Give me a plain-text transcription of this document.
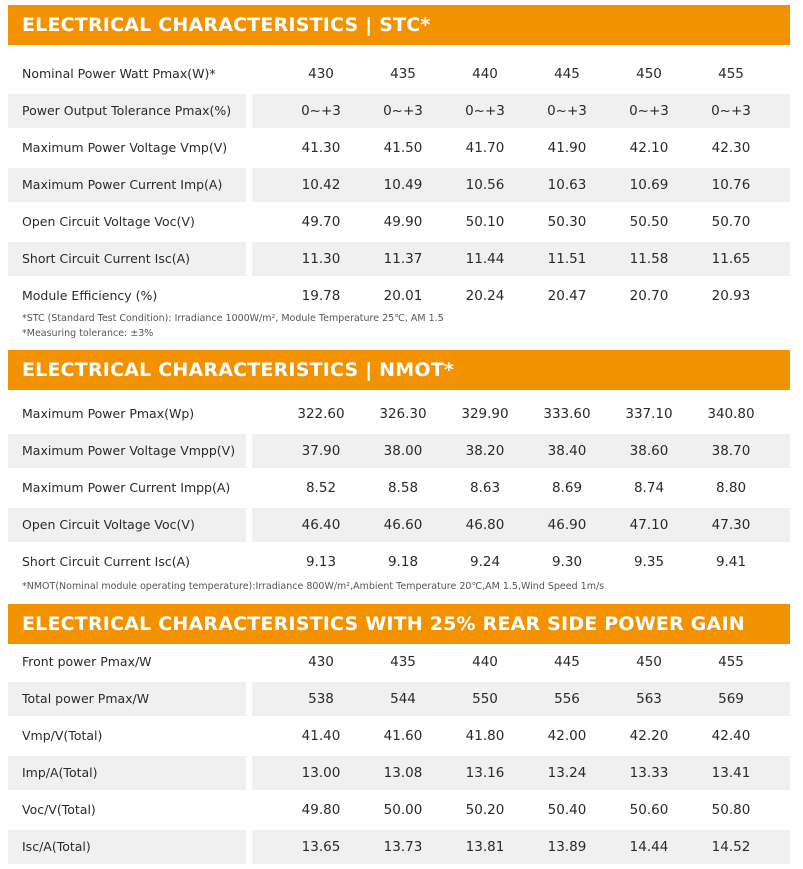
ELECTRICAL CHARACTERISTICS | STC*
Nominal Power Watt Pmax(W)*	430	435	440	445	450	455
Power Output Tolerance Pmax(%)	0~+3	0~+3	0~+3	0~+3	0~+3	0~+3
Maximum Power Voltage Vmp(V)	41.30	41.50	41.70	41.90	42.10	42.30
Maximum Power Current Imp(A)	10.42	10.49	10.56	10.63	10.69	10.76
Open Circuit Voltage Voc(V)	49.70	49.90	50.10	50.30	50.50	50.70
Short Circuit Current Isc(A)	11.30	11.37	11.44	11.51	11.58	11.65
Module Efficiency (%)	19.78	20.01	20.24	20.47	20.70	20.93
*STC (Standard Test Condition): Irradiance 1000W/m², Module Temperature 25℃, AM 1.5
*Measuring tolerance: ±3%
ELECTRICAL CHARACTERISTICS | NMOT*
Maximum Power Pmax(Wp)	322.60	326.30	329.90	333.60	337.10	340.80
Maximum Power Voltage Vmpp(V)	37.90	38.00	38.20	38.40	38.60	38.70
Maximum Power Current Impp(A)	8.52	8.58	8.63	8.69	8.74	8.80
Open Circuit Voltage Voc(V)	46.40	46.60	46.80	46.90	47.10	47.30
Short Circuit Current Isc(A)	9.13	9.18	9.24	9.30	9.35	9.41
*NMOT(Nominal module operating temperature):Irradiance 800W/m²,Ambient Temperature 20℃,AM 1.5,Wind Speed 1m/s
ELECTRICAL CHARACTERISTICS WITH 25% REAR SIDE POWER GAIN
Front power Pmax/W	430	435	440	445	450	455
Total power Pmax/W	538	544	550	556	563	569
Vmp/V(Total)	41.40	41.60	41.80	42.00	42.20	42.40
Imp/A(Total)	13.00	13.08	13.16	13.24	13.33	13.41
Voc/V(Total)	49.80	50.00	50.20	50.40	50.60	50.80
Isc/A(Total)	13.65	13.73	13.81	13.89	14.44	14.52
